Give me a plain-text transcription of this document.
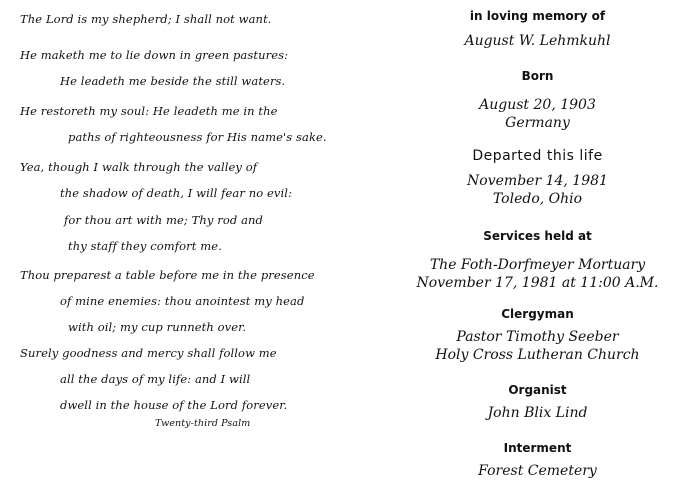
The Lord is my shepherd; I shall not want.
He maketh me to lie down in green pastures:
He leadeth me beside the still waters.
He restoreth my soul: He leadeth me in the
paths of righteousness for His name's sake.
Yea, though I walk through the valley of
the shadow of death, I will fear no evil:
for thou art with me; Thy rod and
thy staff they comfort me.
Thou preparest a table before me in the presence
of mine enemies: thou anointest my head
with oil; my cup runneth over.
Surely goodness and mercy shall follow me
all the days of my life: and I will
dwell in the house of the Lord forever.
Twenty-third Psalm
in loving memory of
August W. Lehmkuhl
Born
August 20, 1903
Germany
Departed this life
November 14, 1981
Toledo, Ohio
Services held at
The Foth-Dorfmeyer Mortuary
November 17, 1981 at 11:00 A.M.
Clergyman
Pastor Timothy Seeber
Holy Cross Lutheran Church
Organist
John Blix Lind
Interment
Forest Cemetery
